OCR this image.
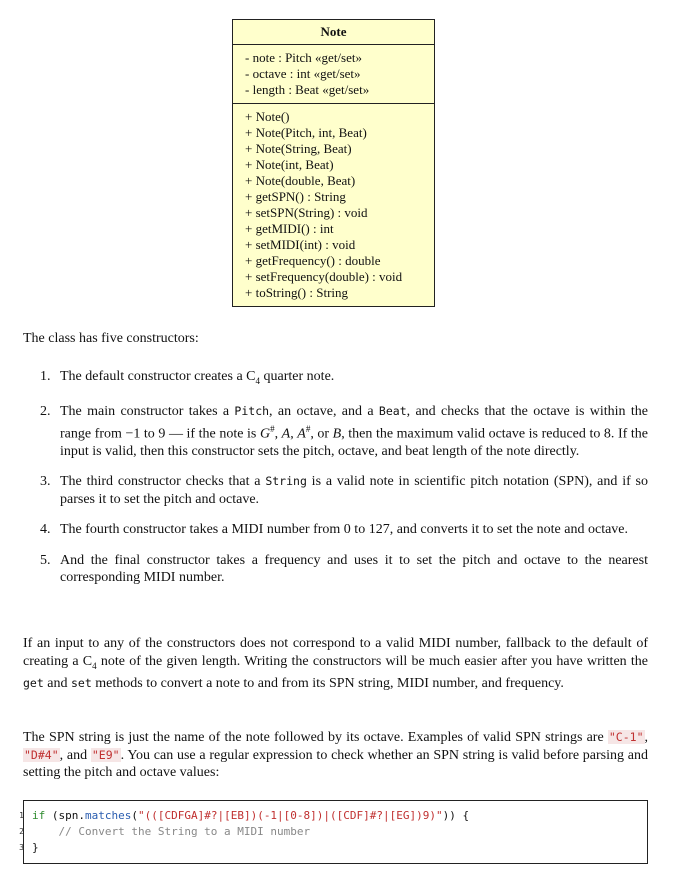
Note
- note : Pitch «get/set»
- octave : int «get/set»
- length : Beat «get/set»
+ Note()
+ Note(Pitch, int, Beat)
+ Note(String, Beat)
+ Note(int, Beat)
+ Note(double, Beat)
+ getSPN() : String
+ setSPN(String) : void
+ getMIDI() : int
+ setMIDI(int) : void
+ getFrequency() : double
+ setFrequency(double) : void
+ toString() : String
The class has five constructors:
1. The default constructor creates a $C_4$ quarter note.
2. The main constructor takes a Pitch, an octave, and a Beat, and checks that the octave is within the range from −1 to 9 — if the note is G#, A, A#, or B, then the maximum valid octave is reduced to 8. If the input is valid, then this constructor sets the pitch, octave, and beat length of the note directly.
3. The third constructor checks that a String is a valid note in scientific pitch notation (SPN), and if so parses it to set the pitch and octave.
4. The fourth constructor takes a MIDI number from 0 to 127, and converts it to set the note and octave.
5. And the final constructor takes a frequency and uses it to set the pitch and octave to the nearest corresponding MIDI number.
If an input to any of the constructors does not correspond to a valid MIDI number, fallback to the default of creating a $C_4$ note of the given length. Writing the constructors will be much easier after you have written the get and set methods to convert a note to and from its SPN string, MIDI number, and frequency.
The SPN string is just the name of the note followed by its octave. Examples of valid SPN strings are "C-1", "D#4", and "E9". You can use a regular expression to check whether an SPN string is valid before parsing and setting the pitch and octave values:
1 if (spn.matches("(([CDFGA]#?|[EB])(-1|[0-8])|([CDF]#?|[EG])9)")) {
2 // Convert the String to a MIDI number
3 }
